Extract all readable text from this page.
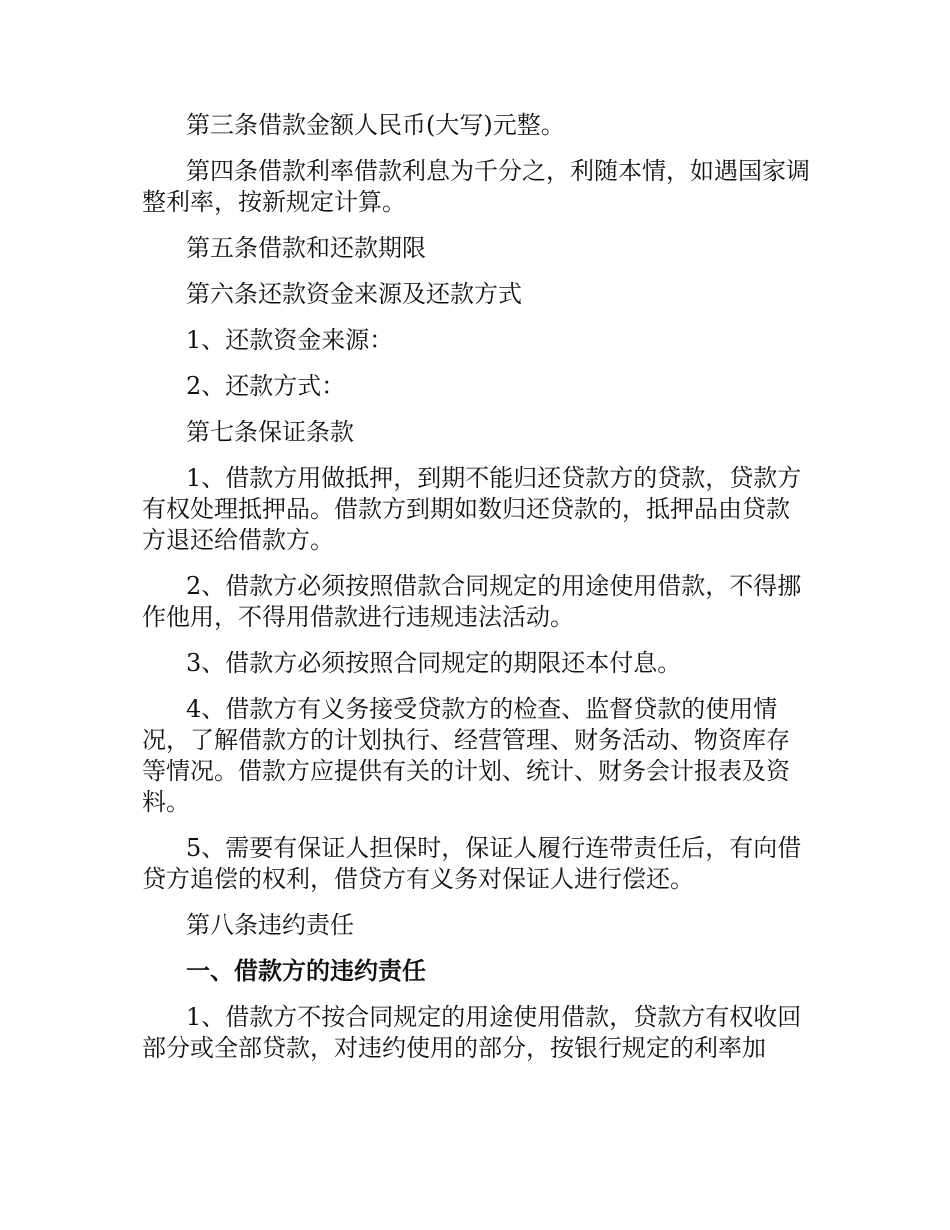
第三条借款金额人民币(大写)元整。

第四条借款利率借款利息为千分之，利随本情，如遇国家调整利率，按新规定计算。

第五条借款和还款期限

第六条还款资金来源及还款方式

1、还款资金来源：

2、还款方式：

第七条保证条款

1、借款方用做抵押，到期不能归还贷款方的贷款，贷款方有权处理抵押品。借款方到期如数归还贷款的，抵押品由贷款方退还给借款方。

2、借款方必须按照借款合同规定的用途使用借款，不得挪作他用，不得用借款进行违规违法活动。

3、借款方必须按照合同规定的期限还本付息。

4、借款方有义务接受贷款方的检查、监督贷款的使用情况，了解借款方的计划执行、经营管理、财务活动、物资库存等情况。借款方应提供有关的计划、统计、财务会计报表及资料。

5、需要有保证人担保时，保证人履行连带责任后，有向借贷方追偿的权利，借贷方有义务对保证人进行偿还。

第八条违约责任

一、借款方的违约责任

1、借款方不按合同规定的用途使用借款，贷款方有权收回部分或全部贷款，对违约使用的部分，按银行规定的利率加
